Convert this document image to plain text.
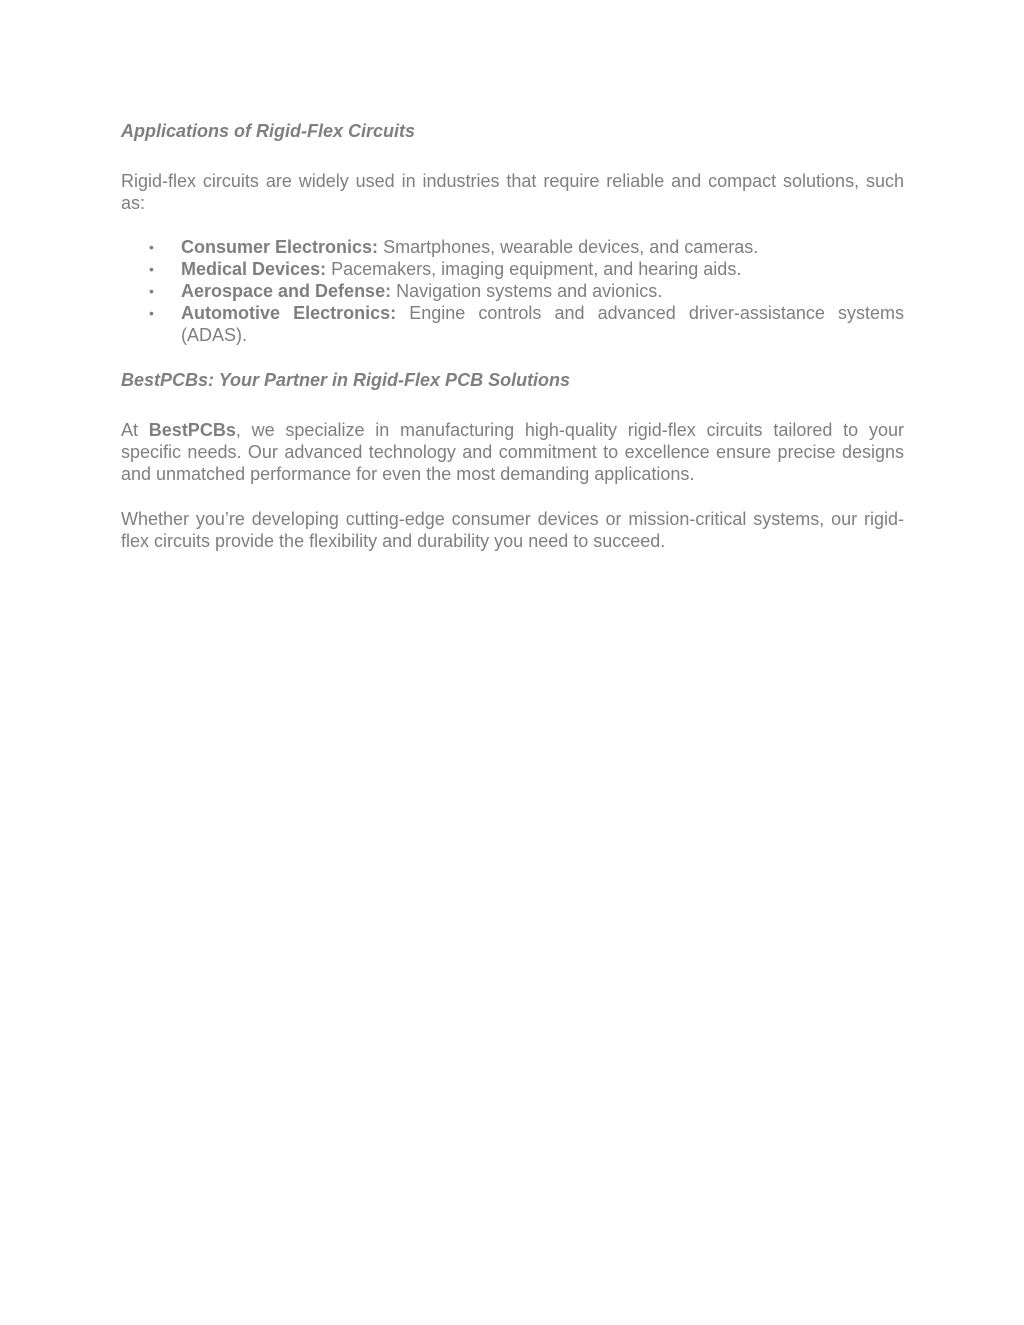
Applications of Rigid-Flex Circuits

Rigid-flex circuits are widely used in industries that require reliable and compact solutions, such as:

• Consumer Electronics: Smartphones, wearable devices, and cameras.
• Medical Devices: Pacemakers, imaging equipment, and hearing aids.
• Aerospace and Defense: Navigation systems and avionics.
• Automotive Electronics: Engine controls and advanced driver-assistance systems (ADAS).
BestPCBs: Your Partner in Rigid-Flex PCB Solutions

At BestPCBs, we specialize in manufacturing high-quality rigid-flex circuits tailored to your specific needs. Our advanced technology and commitment to excellence ensure precise designs and unmatched performance for even the most demanding applications.

Whether you’re developing cutting-edge consumer devices or mission-critical systems, our rigid-flex circuits provide the flexibility and durability you need to succeed.
